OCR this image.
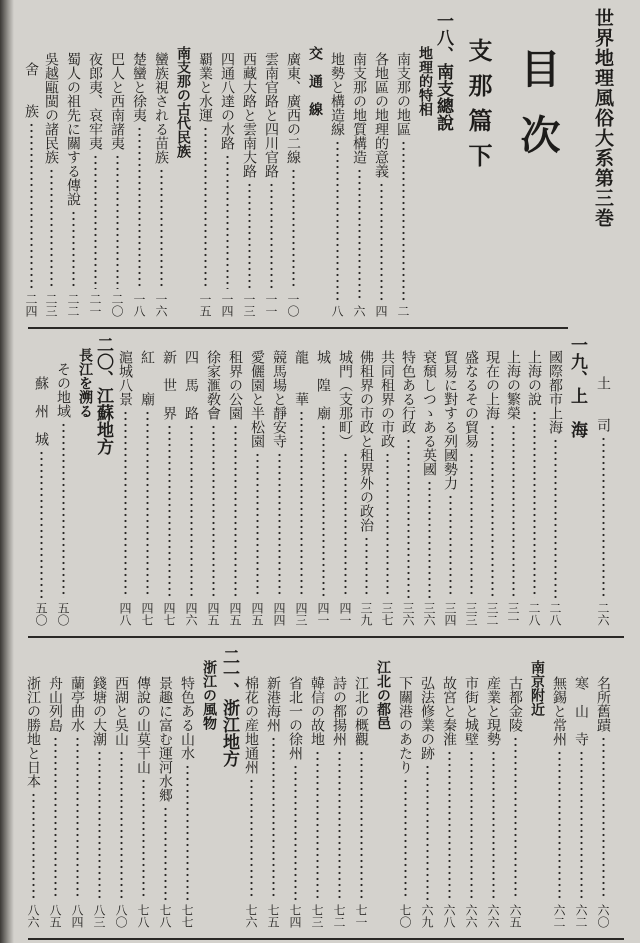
世界地理風俗大系第三巻
目次
支那篇下
一八、南支總說
地理的特相
南支那の地區
二
各地區の地理的意義
四
南支那の地質構造
六
地勢と構造線
八
交　通　線
廣東、廣西の二線
一〇
雲南官路と四川官路
一一
西藏大路と雲南大路
一三
四通八達の水路
一四
覇業と水運
一五
南支那の古代民族
蠻族視される苗族
一六
楚蠻と徐夷
一八
巴人と西南諸夷
二〇
夜郎夷、哀牢夷
二一
蜀人の祖先に關する傳說
二二
吳越甌閩の諸民族
二三
舍　　族
二四
土　　司
二六
一九、上　海
國際都市上海
二八
上海の說
二八
上海の繁榮
三一
現在の上海
三二
盛なるその貿易
三三
貿易に對する列國勢力
三四
衰頹しつゝある英國
三六
特色ある行政
三六
共同租界の市政
三七
佛租界の市政と租界外の政治
三九
城門（支那町）
四一
城　隍　廟
四一
龍　　華
四三
競馬場と靜安寺
四四
愛儷園と半松園
四五
租界の公園
四五
徐家滙敎會
四五
四　馬　路
四六
新　世　界
四七
紅　　廟
四七
滬城八景
四八
二〇、江蘇地方
長江を溯る
その地域
五〇
蘇　州　城
五〇
名所舊蹟
六〇
寒　山　寺
六二
無錫と常州
六二
南京附近
古都金陵
六五
産業と現勢
六六
市街と城壁
六六
故宮と秦淮
六八
弘法修業の跡
六九
下關港のあたり
七〇
江北の都邑
江北の概觀
七一
詩の都揚州
七二
韓信の故地
七三
省北一の徐州
七四
新港海州
七五
棉花の産地通州
七六
二一、浙江地方
浙江の風物
特色ある山水
七七
景趣に富む運河水郷
七八
傳說の山莫干山
七八
西湖と吳山
八〇
錢塘の大潮
八三
蘭亭曲水
八四
舟山列島
八五
浙江の勝地と日本
八六
